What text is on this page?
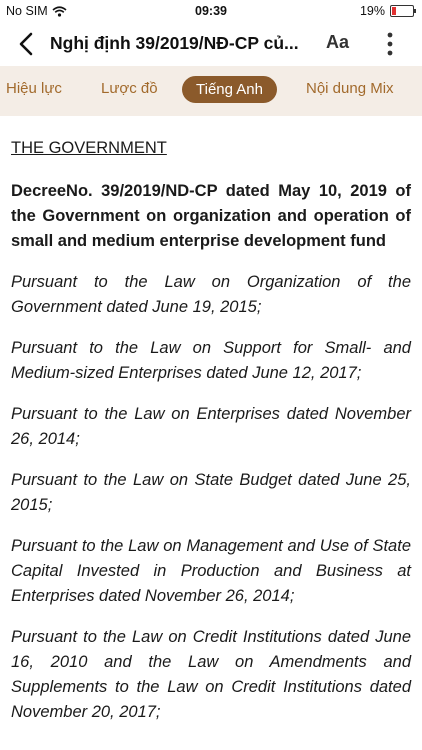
No SIM	09:39	19%
Nghị định 39/2019/NĐ-CP củ...	Aa
Hiệu lực	Lược đồ	Tiếng Anh	Nội dung Mix

THE GOVERNMENT

DecreeNo. 39/2019/ND-CP dated May 10, 2019 of the Government on organization and operation of small and medium enterprise development fund

Pursuant to the Law on Organization of the Government dated June 19, 2015;

Pursuant to the Law on Support for Small- and Medium-sized Enterprises dated June 12, 2017;

Pursuant to the Law on Enterprises dated November 26, 2014;

Pursuant to the Law on State Budget dated June 25, 2015;

Pursuant to the Law on Management and Use of State Capital Invested in Production and Business at Enterprises dated November 26, 2014;

Pursuant to the Law on Credit Institutions dated June 16, 2010 and the Law on Amendments and Supplements to the Law on Credit Institutions dated November 20, 2017;
